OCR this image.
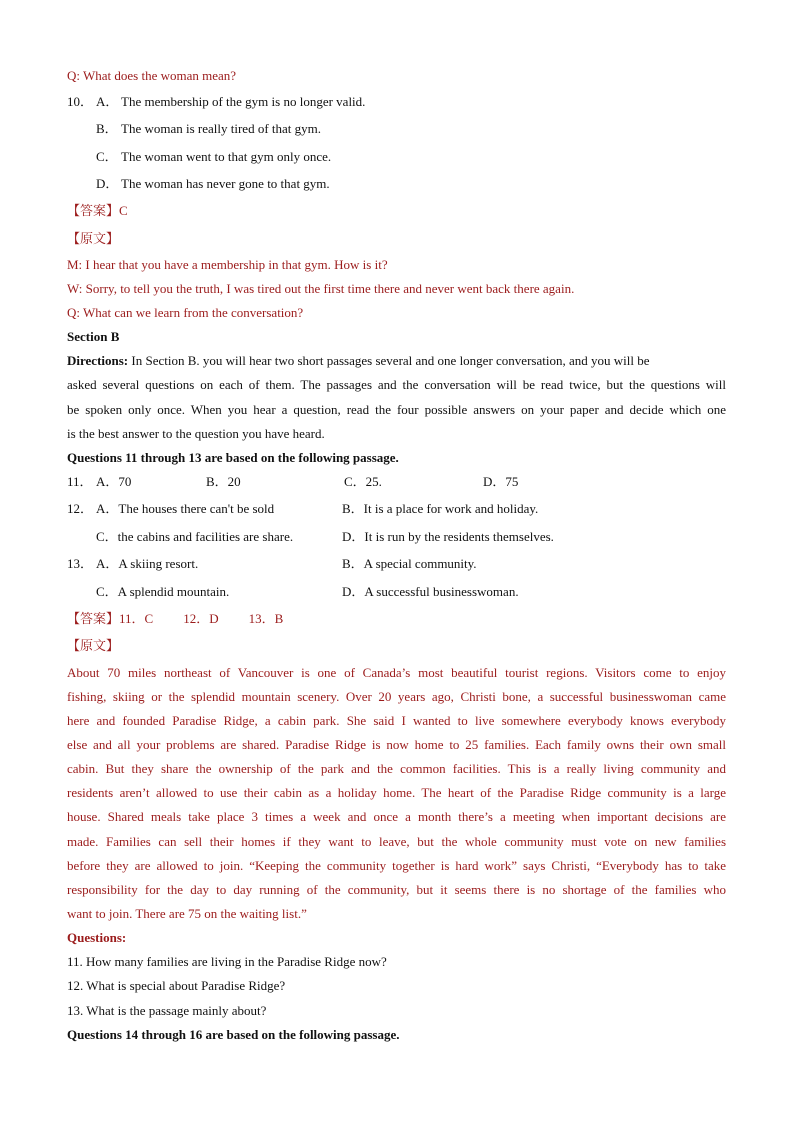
Q: What does the woman mean?
10． A． The membership of the gym is no longer valid.
B． The woman is really tired of that gym.
C． The woman went to that gym only once.
D． The woman has never gone to that gym.
【答案】C
【原文】
M: I hear that you have a membership in that gym. How is it?
W: Sorry, to tell you the truth, I was tired out the first time there and never went back there again.
Q: What can we learn from the conversation?
Section B
Directions: In Section B. you will hear two short passages several and one longer conversation, and you will be
asked several questions on each of them. The passages and the conversation will be read twice, but the questions will
be spoken only once. When you hear a question, read the four possible answers on your paper and decide which one
is the best answer to the question you have heard.
Questions 11 through 13 are based on the following passage.
11． A．70	B．20	C．25.	D．75
12． A．The houses there can't be sold	B．It is a place for work and holiday.
C．the cabins and facilities are share.	D．It is run by the residents themselves.
13． A．A skiing resort.	B．A special community.
C．A splendid mountain.	D．A successful businesswoman.
【答案】11．C 12．D 13．B
【原文】
About 70 miles northeast of Vancouver is one of Canada’s most beautiful tourist regions. Visitors come to enjoy
fishing, skiing or the splendid mountain scenery. Over 20 years ago, Christi bone, a successful businesswoman came
here and founded Paradise Ridge, a cabin park. She said I wanted to live somewhere everybody knows everybody
else and all your problems are shared. Paradise Ridge is now home to 25 families. Each family owns their own small
cabin. But they share the ownership of the park and the common facilities. This is a really living community and
residents aren’t allowed to use their cabin as a holiday home. The heart of the Paradise Ridge community is a large
house. Shared meals take place 3 times a week and once a month there’s a meeting when important decisions are
made. Families can sell their homes if they want to leave, but the whole community must vote on new families
before they are allowed to join. “Keeping the community together is hard work” says Christi, “Everybody has to take
responsibility for the day to day running of the community, but it seems there is no shortage of the families who
want to join. There are 75 on the waiting list.”
Questions:
11. How many families are living in the Paradise Ridge now?
12. What is special about Paradise Ridge?
13. What is the passage mainly about?
Questions 14 through 16 are based on the following passage.
